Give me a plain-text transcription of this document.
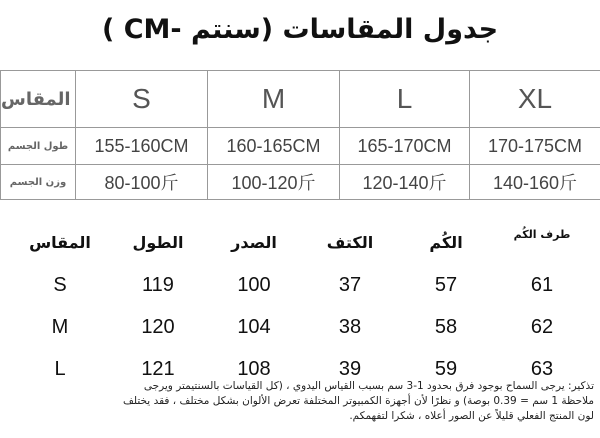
جدول المقاسات (سنتم -CM )
المقاس	S	M	L	XL
طول الجسم	155-160CM	160-165CM	165-170CM	170-175CM
وزن الجسم	80-100斤	100-120斤	120-140斤	140-160斤
المقاس	الطول	الصدر	الكتف	الكُم	طرف الكُم
S	119	100	37	57	61
M	120	104	38	58	62
L	121	108	39	59	63

تذكير: يرجى السماح بوجود فرق بحدود 1-3 سم بسبب القياس اليدوي ، (كل القياسات بالسنتيمتر ويرجى

ملاحظة 1 سم = 0.39 بوصة) و نظرًا لأن أجهزة الكمبيوتر المختلفة تعرض الألوان بشكل مختلف ، فقد يختلف

لون المنتج الفعلي قليلاً عن الصور أعلاه ، شكرا لتفهمكم.
